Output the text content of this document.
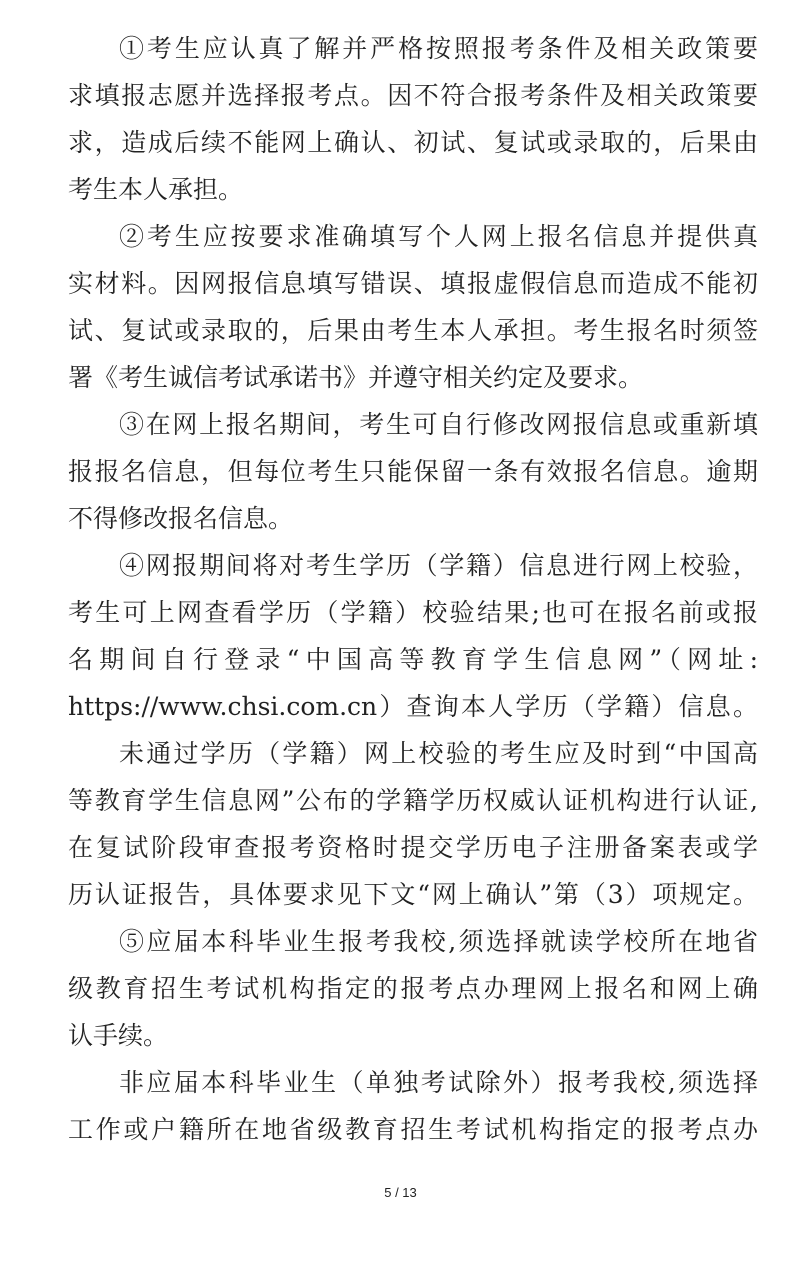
①考生应认真了解并严格按照报考条件及相关政策要
求填报志愿并选择报考点。因不符合报考条件及相关政策要
求，造成后续不能网上确认、初试、复试或录取的，后果由
考生本人承担。
②考生应按要求准确填写个人网上报名信息并提供真
实材料。因网报信息填写错误、填报虚假信息而造成不能初
试、复试或录取的，后果由考生本人承担。考生报名时须签
署《考生诚信考试承诺书》并遵守相关约定及要求。
③在网上报名期间，考生可自行修改网报信息或重新填
报报名信息，但每位考生只能保留一条有效报名信息。逾期
不得修改报名信息。
④网报期间将对考生学历（学籍）信息进行网上校验，
考生可上网查看学历（学籍）校验结果;也可在报名前或报
名期间自行登录“中国高等教育学生信息网”（网址:
https://www.chsi.com.cn）查询本人学历（学籍）信息。
未通过学历（学籍）网上校验的考生应及时到“中国高
等教育学生信息网”公布的学籍学历权威认证机构进行认证,
在复试阶段审查报考资格时提交学历电子注册备案表或学
历认证报告，具体要求见下文“网上确认”第（3）项规定。
⑤应届本科毕业生报考我校,须选择就读学校所在地省
级教育招生考试机构指定的报考点办理网上报名和网上确
认手续。
非应届本科毕业生（单独考试除外）报考我校,须选择
工作或户籍所在地省级教育招生考试机构指定的报考点办
5 / 13
